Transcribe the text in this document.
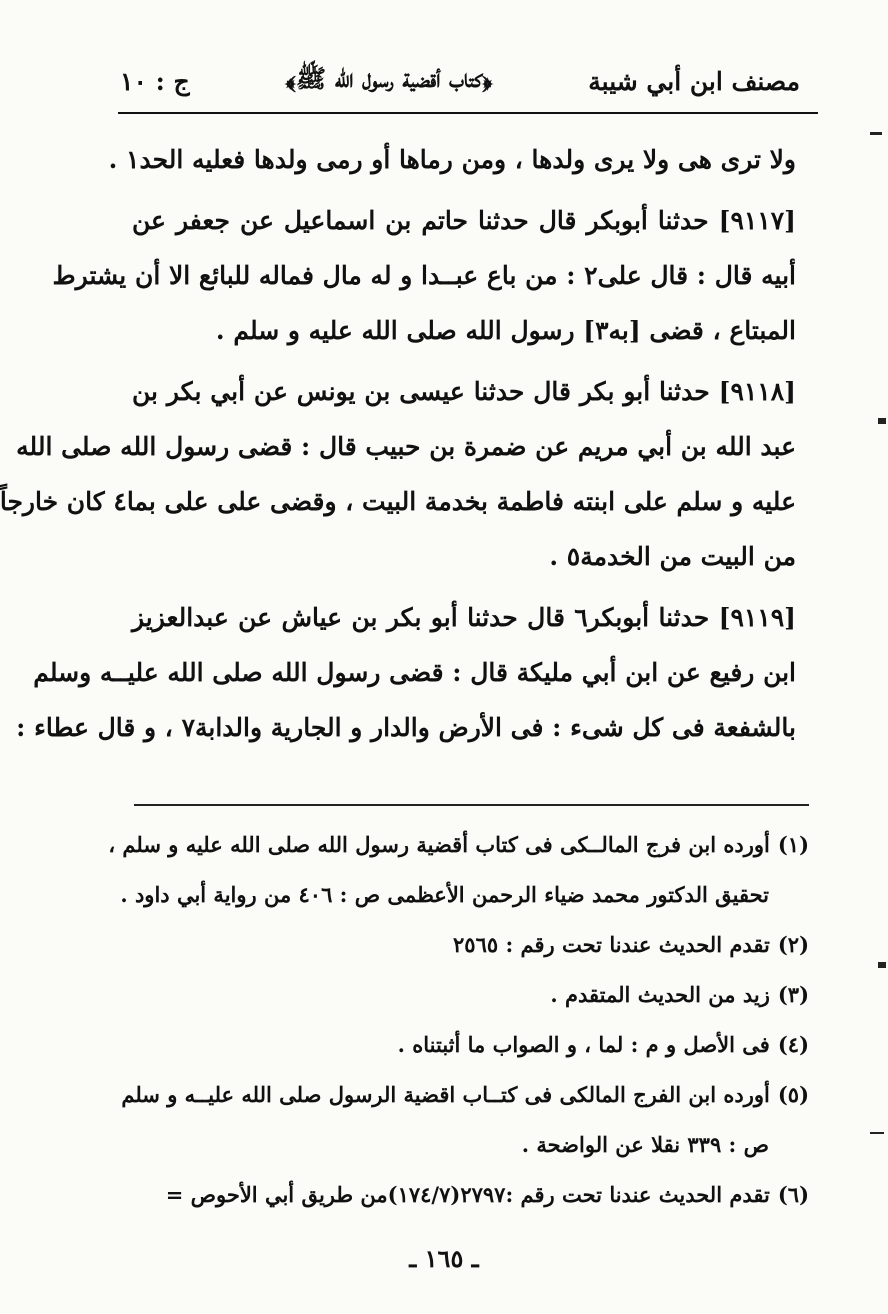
مصنف ابن أبي شيبة
﴿كتاب أقضية رسول الله ﷺ﴾
ج : ١٠
ولا ترى هى ولا يرى ولدها ، ومن رماها أو رمى ولدها فعليه الحد١ .
[٩١١٧] حدثنا أبوبكر قال حدثنا حاتم بن اسماعيل عن جعفر عن
أبيه قال : قال على٢ : من باع عبــدا و له مال فماله للبائع الا أن يشترط
المبتاع ، قضى [به٣] رسول الله صلى الله عليه و سلم .
[٩١١٨] حدثنا أبو بكر قال حدثنا عيسى بن يونس عن أبي بكر بن
عبد الله بن أبي مريم عن ضمرة بن حبيب قال : قضى رسول الله صلى الله
عليه و سلم على ابنته فاطمة بخدمة البيت ، وقضى على على بما٤ كان خارجاً
من البيت من الخدمة٥ .
[٩١١٩] حدثنا أبوبكر٦ قال حدثنا أبو بكر بن عياش عن عبدالعزيز
ابن رفيع عن ابن أبي مليكة قال : قضى رسول الله صلى الله عليــه وسلم
بالشفعة فى كل شىء : فى الأرض والدار و الجارية والدابة٧ ، و قال عطاء :
(١)أورده ابن فرج المالــكى فى كتاب أقضية رسول الله صلى الله عليه و سلم ،
تحقيق الدكتور محمد ضياء الرحمن الأعظمى ص : ٤٠٦ من رواية أبي داود .
(٢)تقدم الحديث عندنا تحت رقم : ٢٥٦٥
(٣)زيد من الحديث المتقدم .
(٤)فى الأصل و م : لما ، و الصواب ما أثبتناه .
(٥)أورده ابن الفرج المالكى فى كتــاب اقضية الرسول صلى الله عليــه و سلم
ص : ٣٣٩ نقلا عن الواضحة .
(٦)تقدم الحديث عندنا تحت رقم :٢٧٩٧(١٧٤/٧)من طريق أبي الأحوص =
ـ ١٦٥ ـ
